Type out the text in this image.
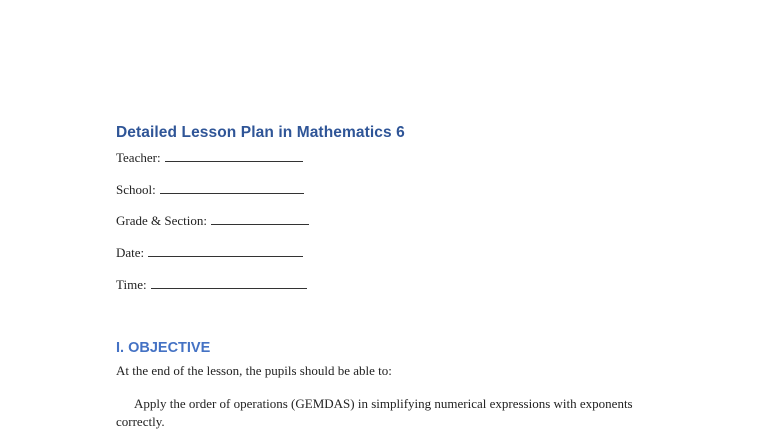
Detailed Lesson Plan in Mathematics 6
Teacher:
School:
Grade & Section:
Date:
Time:
I. OBJECTIVE
At the end of the lesson, the pupils should be able to:
Apply the order of operations (GEMDAS) in simplifying numerical expressions with exponents correctly.
